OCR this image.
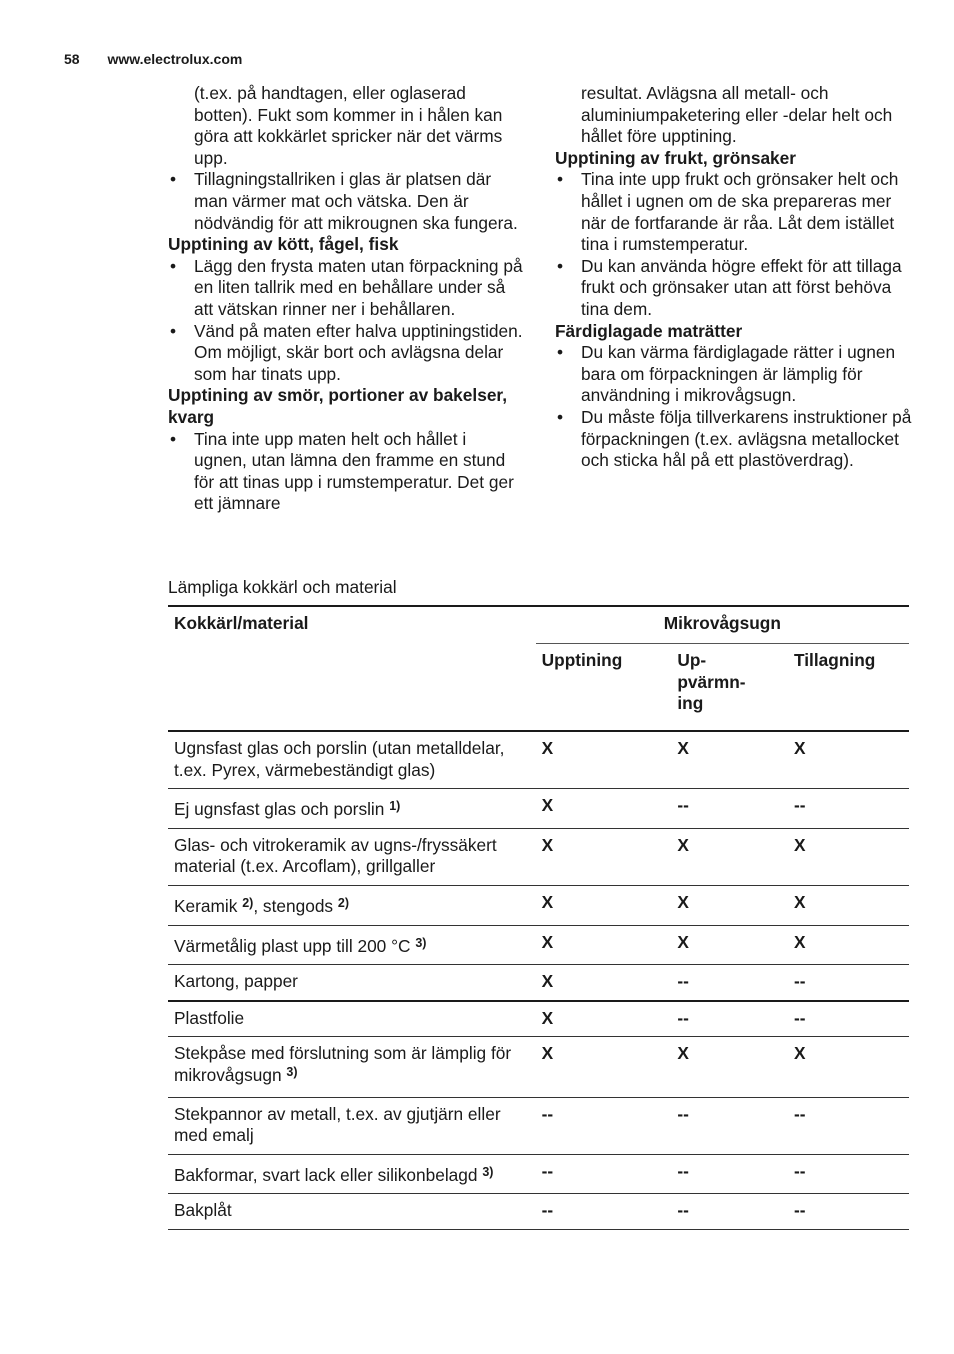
58 www.electrolux.com
(t.ex. på handtagen, eller oglaserad botten). Fukt som kommer in i hålen kan göra att kokkärlet spricker när det värms upp.
• Tillagningstallriken i glas är platsen där man värmer mat och vätska. Den är nödvändig för att mikrougnen ska fungera.
Upptining av kött, fågel, fisk
• Lägg den frysta maten utan förpackning på en liten tallrik med en behållare under så att vätskan rinner ner i behållaren.
• Vänd på maten efter halva upptiningstiden. Om möjligt, skär bort och avlägsna delar som har tinats upp.
Upptining av smör, portioner av bakelser, kvarg
• Tina inte upp maten helt och hållet i ugnen, utan lämna den framme en stund för att tinas upp i rumstemperatur. Det ger ett jämnare
resultat. Avlägsna all metall- och aluminiumpaketering eller -delar helt och hållet före upptining.
Upptining av frukt, grönsaker
• Tina inte upp frukt och grönsaker helt och hållet i ugnen om de ska prepareras mer när de fortfarande är råa. Låt dem istället tina i rumstemperatur.
• Du kan använda högre effekt för att tillaga frukt och grönsaker utan att först behöva tina dem.
Färdiglagade maträtter
• Du kan värma färdiglagade rätter i ugnen bara om förpackningen är lämplig för användning i mikrovågsugn.
• Du måste följa tillverkarens instruktioner på förpackningen (t.ex. avlägsna metallocket och sticka hål på ett plastöverdrag).
Lämpliga kokkärl och material
Kokkärl/material	Mikrovågsugn		
	Upptining	Up-
pvärmn-
ing	Tillagning
Ugnsfast glas och porslin (utan metalldelar, t.ex. Pyrex, värmebeständigt glas)	X	X	X
Ej ugnsfast glas och porslin $^{1)}$	X	--	--
Glas- och vitrokeramik av ugns-/fryssäkert material (t.ex. Arcoflam), grillgaller	X	X	X
Keramik $^{2)}$, stengods $^{2)}$	X	X	X
Värmetålig plast upp till 200 °C $^{3)}$	X	X	X
Kartong, papper	X	--	--
Plastfolie	X	--	--
Stekpåse med förslutning som är lämplig för mikrovågsugn $^{3)}$	X	X	X
Stekpannor av metall, t.ex. av gjutjärn eller med emalj	--	--	--
Bakformar, svart lack eller silikonbelagd $^{3)}$	--	--	--
Bakplåt	--	--	--
